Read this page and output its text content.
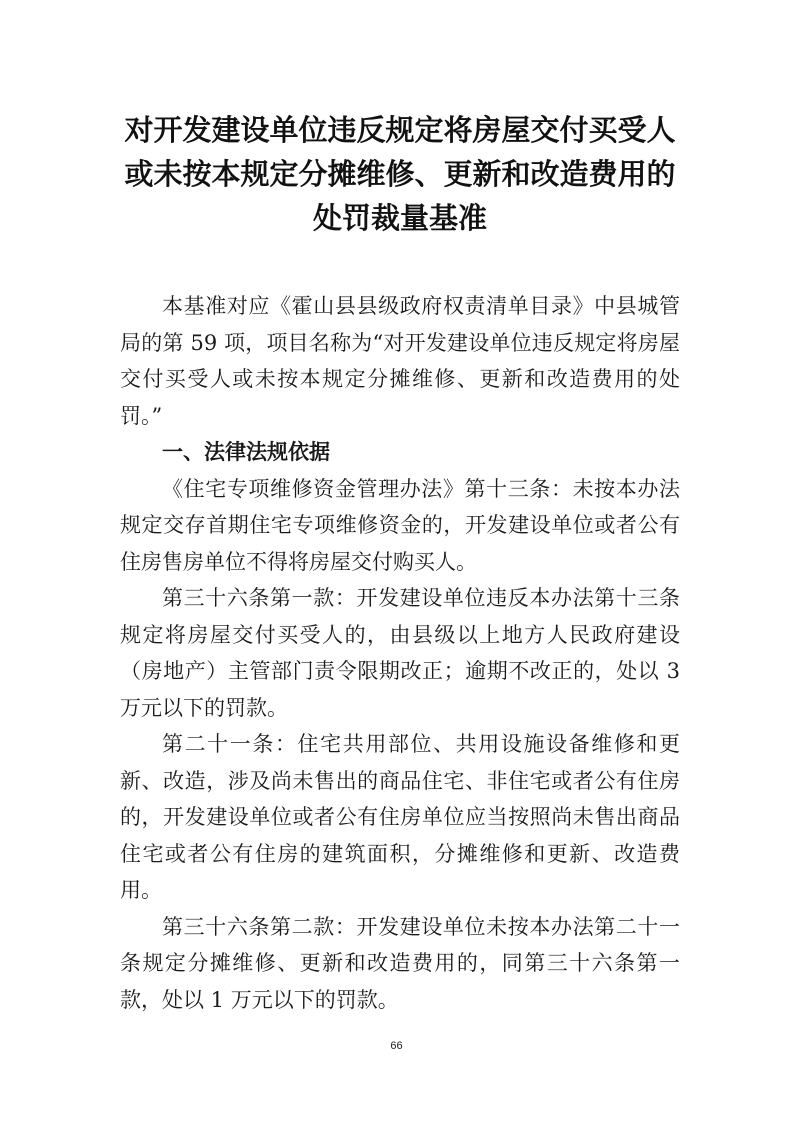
对开发建设单位违反规定将房屋交付买受人
或未按本规定分摊维修、更新和改造费用的
处罚裁量基准

本基准对应《霍山县县级政府权责清单目录》中县城管局的第 59 项，项目名称为“对开发建设单位违反规定将房屋交付买受人或未按本规定分摊维修、更新和改造费用的处罚。”

一、法律法规依据

《住宅专项维修资金管理办法》第十三条：未按本办法规定交存首期住宅专项维修资金的，开发建设单位或者公有住房售房单位不得将房屋交付购买人。

第三十六条第一款：开发建设单位违反本办法第十三条规定将房屋交付买受人的，由县级以上地方人民政府建设（房地产）主管部门责令限期改正；逾期不改正的，处以 3 万元以下的罚款。

第二十一条：住宅共用部位、共用设施设备维修和更新、改造，涉及尚未售出的商品住宅、非住宅或者公有住房的，开发建设单位或者公有住房单位应当按照尚未售出商品住宅或者公有住房的建筑面积，分摊维修和更新、改造费用。

第三十六条第二款：开发建设单位未按本办法第二十一条规定分摊维修、更新和改造费用的，同第三十六条第一款，处以 1 万元以下的罚款。

66
